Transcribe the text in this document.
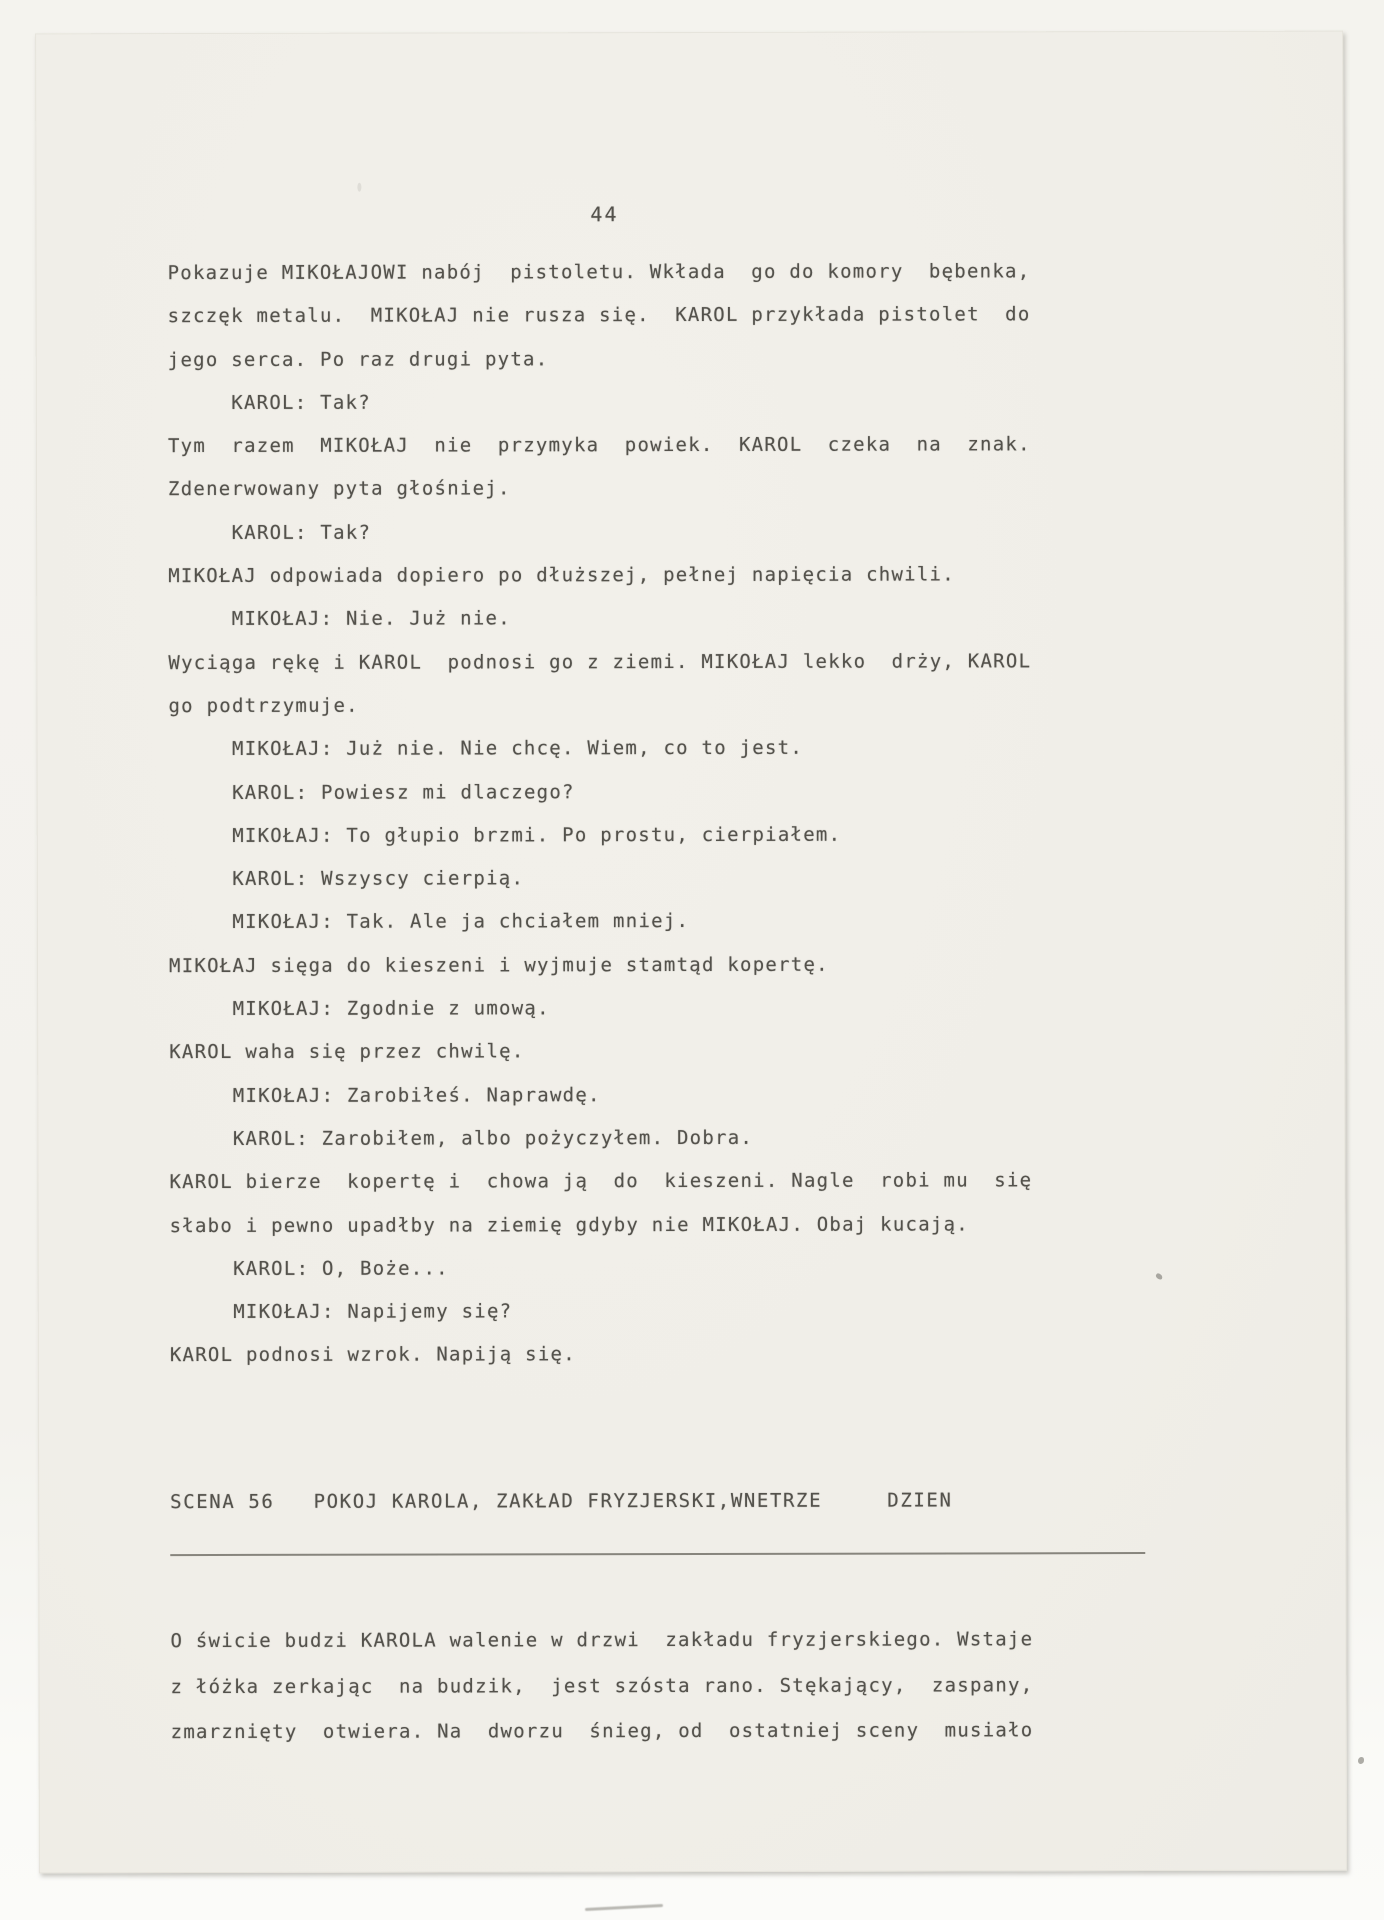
44
Pokazuje MIKOŁAJOWI nabój  pistoletu. Wkłada  go do komory  bębenka,
szczęk metalu.  MIKOŁAJ nie rusza się.  KAROL przykłada pistolet  do
jego serca. Po raz drugi pyta.
KAROL: Tak?
Tym  razem  MIKOŁAJ  nie  przymyka  powiek.  KAROL  czeka  na  znak.
Zdenerwowany pyta głośniej.
KAROL: Tak?
MIKOŁAJ odpowiada dopiero po dłuższej, pełnej napięcia chwili.
MIKOŁAJ: Nie. Już nie.
Wyciąga rękę i KAROL  podnosi go z ziemi. MIKOŁAJ lekko  drży, KAROL
go podtrzymuje.
MIKOŁAJ: Już nie. Nie chcę. Wiem, co to jest.
KAROL: Powiesz mi dlaczego?
MIKOŁAJ: To głupio brzmi. Po prostu, cierpiałem.
KAROL: Wszyscy cierpią.
MIKOŁAJ: Tak. Ale ja chciałem mniej.
MIKOŁAJ sięga do kieszeni i wyjmuje stamtąd kopertę.
MIKOŁAJ: Zgodnie z umową.
KAROL waha się przez chwilę.
MIKOŁAJ: Zarobiłeś. Naprawdę.
KAROL: Zarobiłem, albo pożyczyłem. Dobra.
KAROL bierze  kopertę i  chowa ją  do  kieszeni. Nagle  robi mu  się
słabo i pewno upadłby na ziemię gdyby nie MIKOŁAJ. Obaj kucają.
KAROL: O, Boże...
MIKOŁAJ: Napijemy się?
KAROL podnosi wzrok. Napiją się.
SCENA 56   POKOJ KAROLA, ZAKŁAD FRYZJERSKI,WNETRZE     DZIEN
O świcie budzi KAROLA walenie w drzwi  zakładu fryzjerskiego. Wstaje
z łóżka zerkając  na budzik,  jest szósta rano. Stękający,  zaspany,
zmarznięty  otwiera. Na  dworzu  śnieg, od  ostatniej sceny  musiało
